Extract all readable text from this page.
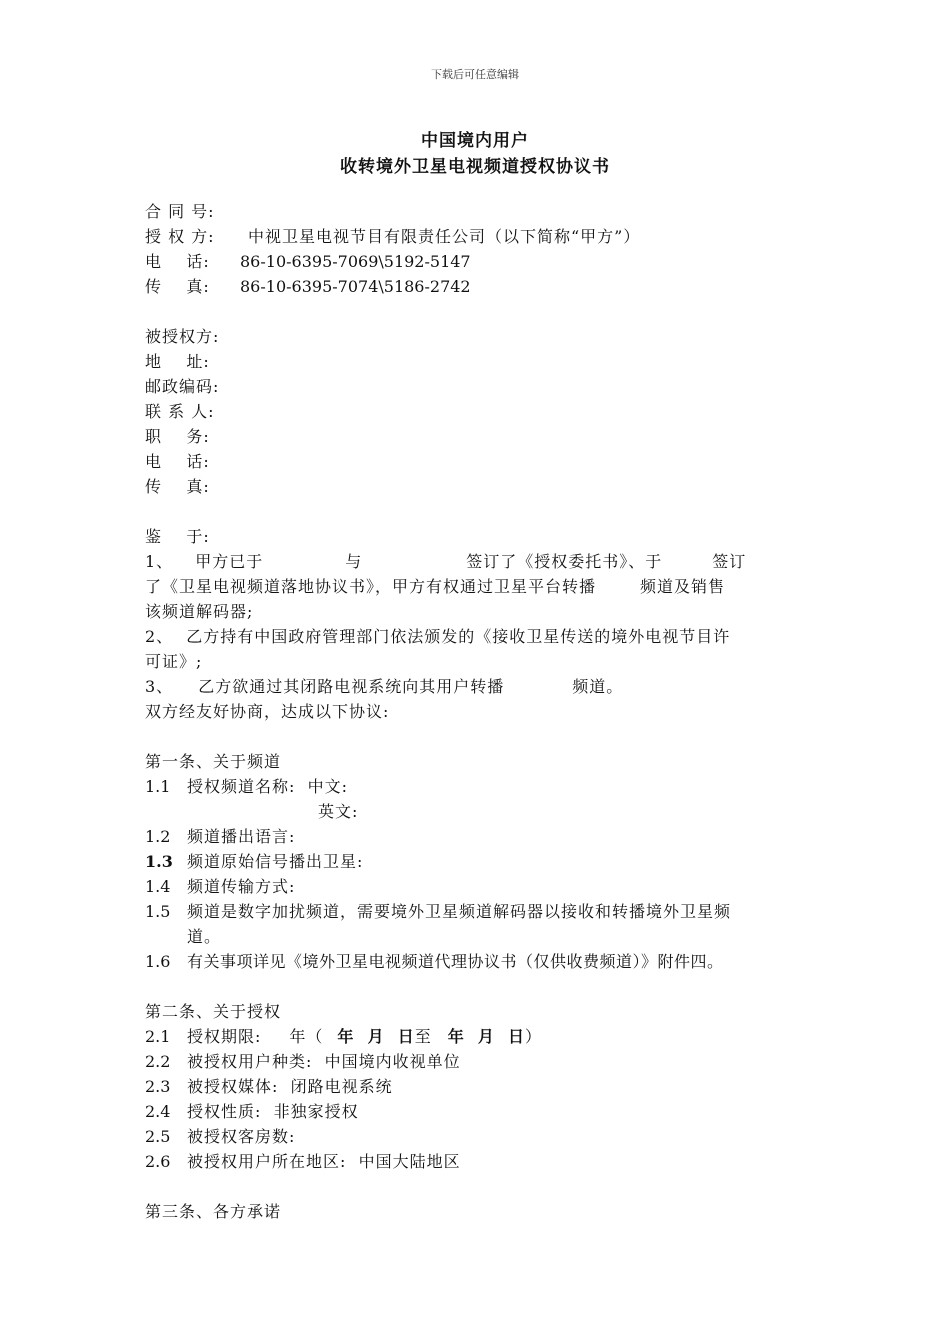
下载后可任意编辑
中国境内用户
收转境外卫星电视频道授权协议书
合 同 号:
授 权 方: 中视卫星电视节目有限责任公司（以下简称“甲方”）
电    话: 86-10-6395-7069\5192-5147
传    真: 86-10-6395-7074\5186-2742
被授权方:
地    址:
邮政编码:
联 系 人:
职    务:
电    话:
传    真:
鉴    于:
1、 甲方已于	与	签订了《授权委托书》、于	签订
了《卫星电视频道落地协议书》，甲方有权通过卫星平台转播	频道及销售
该频道解码器;
2、 乙方持有中国政府管理部门依法颁发的《接收卫星传送的境外电视节目许
可证》;
3、 乙方欲通过其闭路电视系统向其用户转播	频道。
双方经友好协商，达成以下协议:
第一条、关于频道
1.1 授权频道名称:  中文:
英文:
1.2 频道播出语言:
1.3 频道原始信号播出卫星:
1.4 频道传输方式:
1.5 频道是数字加扰频道，需要境外卫星频道解码器以接收和转播境外卫星频
道。
1.6 有关事项详见《境外卫星电视频道代理协议书（仅供收费频道）》附件四。
第二条、关于授权
2.1 授权期限: 年（ 年  月  日至 年  月  日）
2.2 被授权用户种类:  中国境内收视单位
2.3 被授权媒体:  闭路电视系统
2.4 授权性质:  非独家授权
2.5 被授权客房数:
2.6 被授权用户所在地区:  中国大陆地区
第三条、各方承诺
